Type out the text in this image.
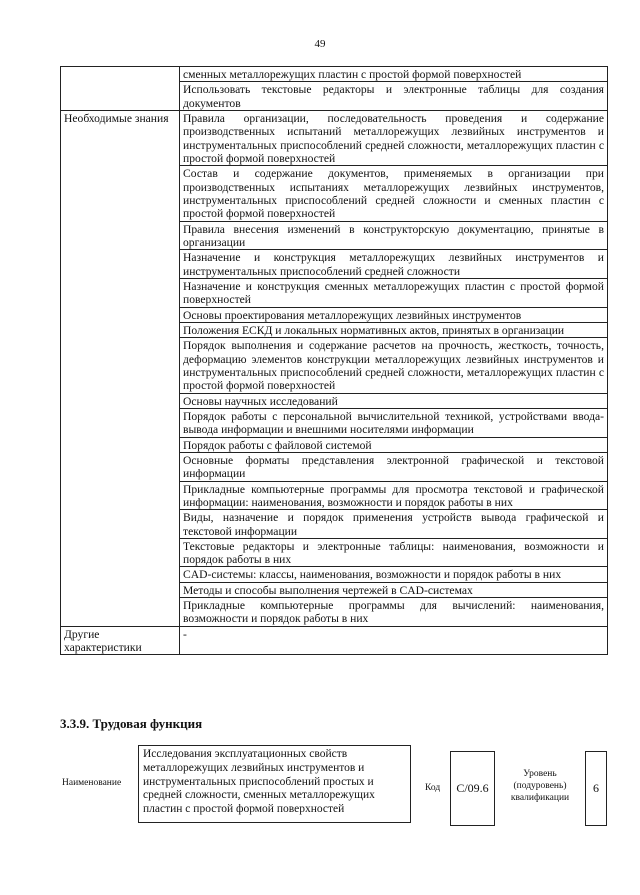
49
	сменных металлорежущих пластин с простой формой поверхностей
	Использовать текстовые редакторы и электронные таблицы для создания документов
Необходимые знания	Правила организации, последовательность проведения и содержание производственных испытаний металлорежущих лезвийных инструментов и инструментальных приспособлений средней сложности, металлорежущих пластин с простой формой поверхностей
	Состав и содержание документов, применяемых в организации при производственных испытаниях металлорежущих лезвийных инструментов, инструментальных приспособлений средней сложности и сменных пластин с простой формой поверхностей
	Правила внесения изменений в конструкторскую документацию, принятые в организации
	Назначение и конструкция металлорежущих лезвийных инструментов и инструментальных приспособлений средней сложности
	Назначение и конструкция сменных металлорежущих пластин с простой формой поверхностей
	Основы проектирования металлорежущих лезвийных инструментов
	Положения ЕСКД и локальных нормативных актов, принятых в организации
	Порядок выполнения и содержание расчетов на прочность, жесткость, точность, деформацию элементов конструкции металлорежущих лезвийных инструментов и инструментальных приспособлений средней сложности, металлорежущих пластин с простой формой поверхностей
	Основы научных исследований
	Порядок работы с персональной вычислительной техникой, устройствами ввода-вывода информации и внешними носителями информации
	Порядок работы с файловой системой
	Основные форматы представления электронной графической и текстовой информации
	Прикладные компьютерные программы для просмотра текстовой и графической информации: наименования, возможности и порядок работы в них
	Виды, назначение и порядок применения устройств вывода графической и текстовой информации
	Текстовые редакторы и электронные таблицы: наименования, возможности и порядок работы в них
	CAD-системы: классы, наименования, возможности и порядок работы в них
	Методы и способы выполнения чертежей в CAD-системах
	Прикладные компьютерные программы для вычислений: наименования, возможности и порядок работы в них
Другие характеристики	-
3.3.9. Трудовая функция
Наименование
Исследования эксплуатационных свойств металлорежущих лезвийных инструментов и инструментальных приспособлений простых и средней сложности, сменных металлорежущих пластин с простой формой поверхностей
Код	C/09.6
Уровень (подуровень) квалификации
6
